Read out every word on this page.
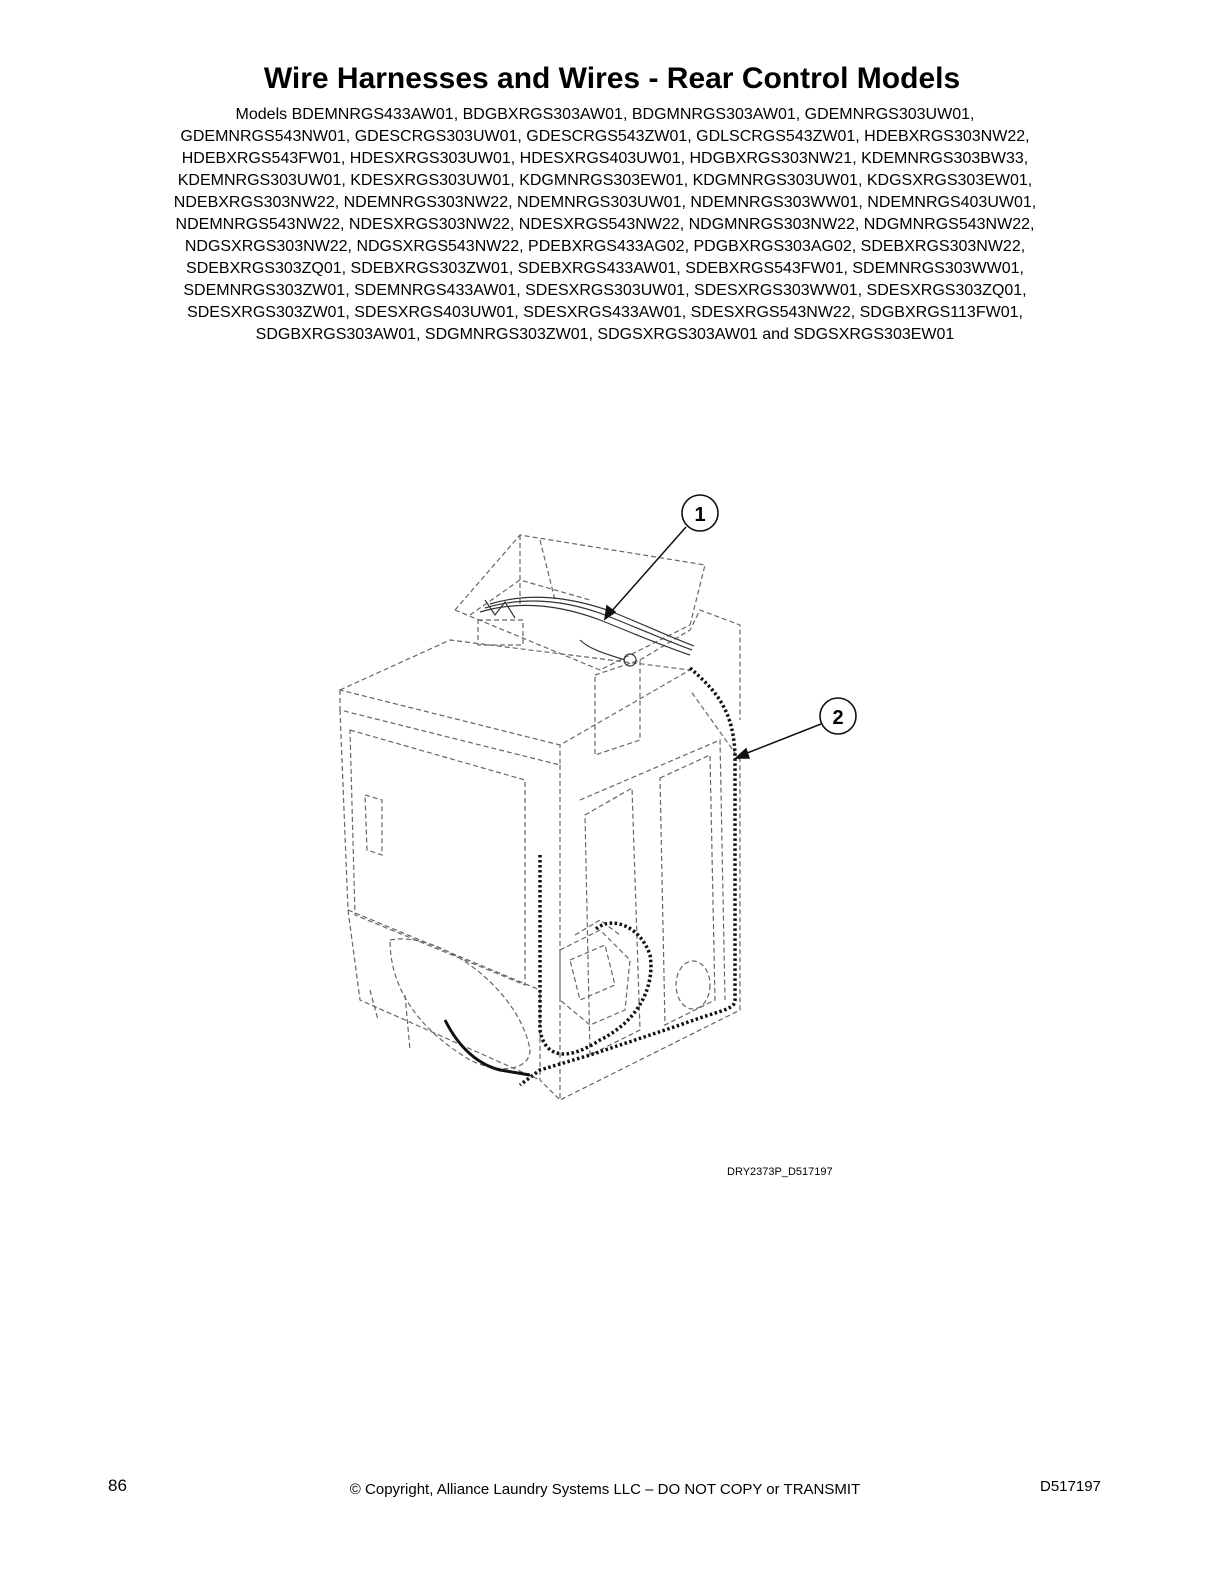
Wire Harnesses and Wires - Rear Control Models
Models BDEMNRGS433AW01, BDGBXRGS303AW01, BDGMNRGS303AW01, GDEMNRGS303UW01,
GDEMNRGS543NW01, GDESCRGS303UW01, GDESCRGS543ZW01, GDLSCRGS543ZW01, HDEBXRGS303NW22,
HDEBXRGS543FW01, HDESXRGS303UW01, HDESXRGS403UW01, HDGBXRGS303NW21, KDEMNRGS303BW33,
KDEMNRGS303UW01, KDESXRGS303UW01, KDGMNRGS303EW01, KDGMNRGS303UW01, KDGSXRGS303EW01,
NDEBXRGS303NW22, NDEMNRGS303NW22, NDEMNRGS303UW01, NDEMNRGS303WW01, NDEMNRGS403UW01,
NDEMNRGS543NW22, NDESXRGS303NW22, NDESXRGS543NW22, NDGMNRGS303NW22, NDGMNRGS543NW22,
NDGSXRGS303NW22, NDGSXRGS543NW22, PDEBXRGS433AG02, PDGBXRGS303AG02, SDEBXRGS303NW22,
SDEBXRGS303ZQ01, SDEBXRGS303ZW01, SDEBXRGS433AW01, SDEBXRGS543FW01, SDEMNRGS303WW01,
SDEMNRGS303ZW01, SDEMNRGS433AW01, SDESXRGS303UW01, SDESXRGS303WW01, SDESXRGS303ZQ01,
SDESXRGS303ZW01, SDESXRGS403UW01, SDESXRGS433AW01, SDESXRGS543NW22, SDGBXRGS113FW01,
SDGBXRGS303AW01, SDGMNRGS303ZW01, SDGSXRGS303AW01 and SDGSXRGS303EW01
1
2
DRY2373P_D517197
86	© Copyright, Alliance Laundry Systems LLC – DO NOT COPY or TRANSMIT	D517197
